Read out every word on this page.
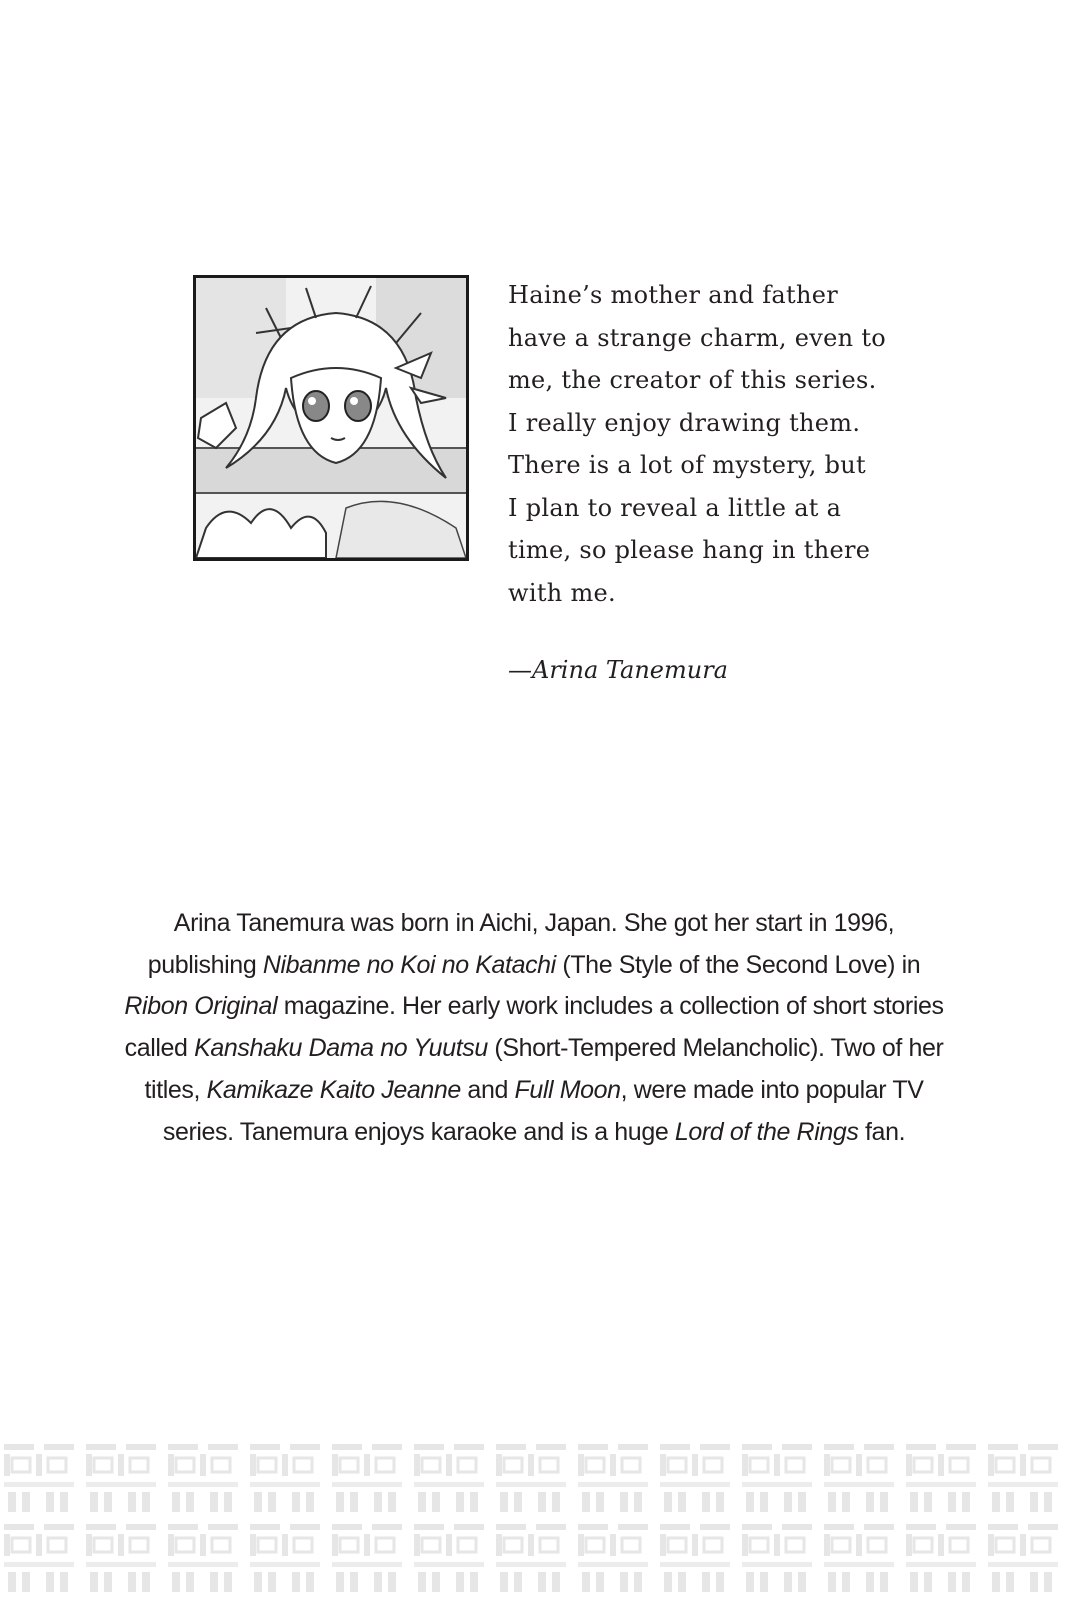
Haine’s mother and father
have a strange charm, even to
me, the creator of this series.
I really enjoy drawing them.
There is a lot of mystery, but
I plan to reveal a little at a
time, so please hang in there
with me.
—Arina Tanemura
Arina Tanemura was born in Aichi, Japan. She got her start in 1996, publishing Nibanme no Koi no Katachi (The Style of the Second Love) in Ribon Original magazine. Her early work includes a collection of short stories called Kanshaku Dama no Yuutsu (Short-Tempered Melancholic). Two of her titles, Kamikaze Kaito Jeanne and Full Moon, were made into popular TV series. Tanemura enjoys karaoke and is a huge Lord of the Rings fan.
